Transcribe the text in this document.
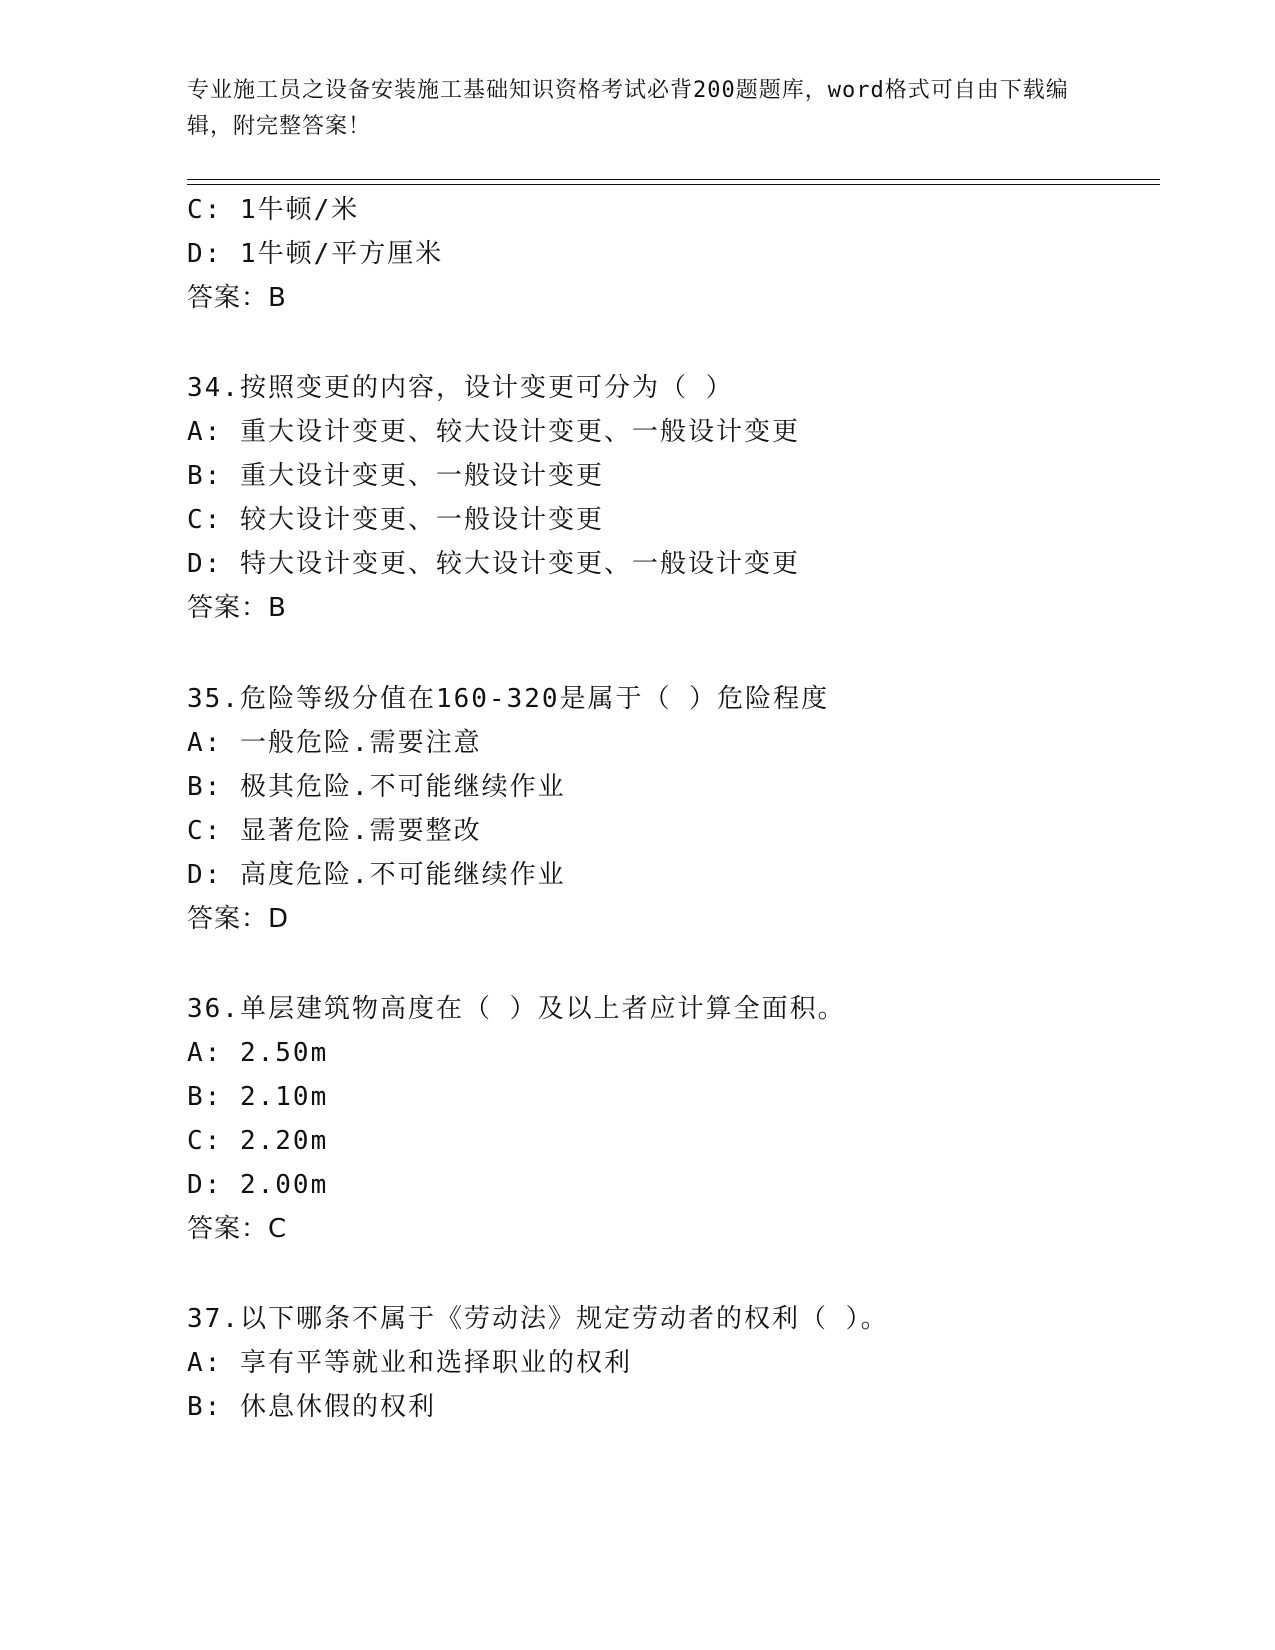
专业施工员之设备安装施工基础知识资格考试必背200题题库，word格式可自由下载编辑，附完整答案！
C: 1牛顿/米
D: 1牛顿/平方厘米
答案：B
34.按照变更的内容，设计变更可分为（ ）
A: 重大设计变更、较大设计变更、一般设计变更
B: 重大设计变更、一般设计变更
C: 较大设计变更、一般设计变更
D: 特大设计变更、较大设计变更、一般设计变更
答案：B
35.危险等级分值在160-320是属于（ ）危险程度
A: 一般危险.需要注意
B: 极其危险.不可能继续作业
C: 显著危险.需要整改
D: 高度危险.不可能继续作业
答案：D
36.单层建筑物高度在（ ）及以上者应计算全面积。
A: 2.50m
B: 2.10m
C: 2.20m
D: 2.00m
答案：C
37.以下哪条不属于《劳动法》规定劳动者的权利（ ）。
A: 享有平等就业和选择职业的权利
B: 休息休假的权利
